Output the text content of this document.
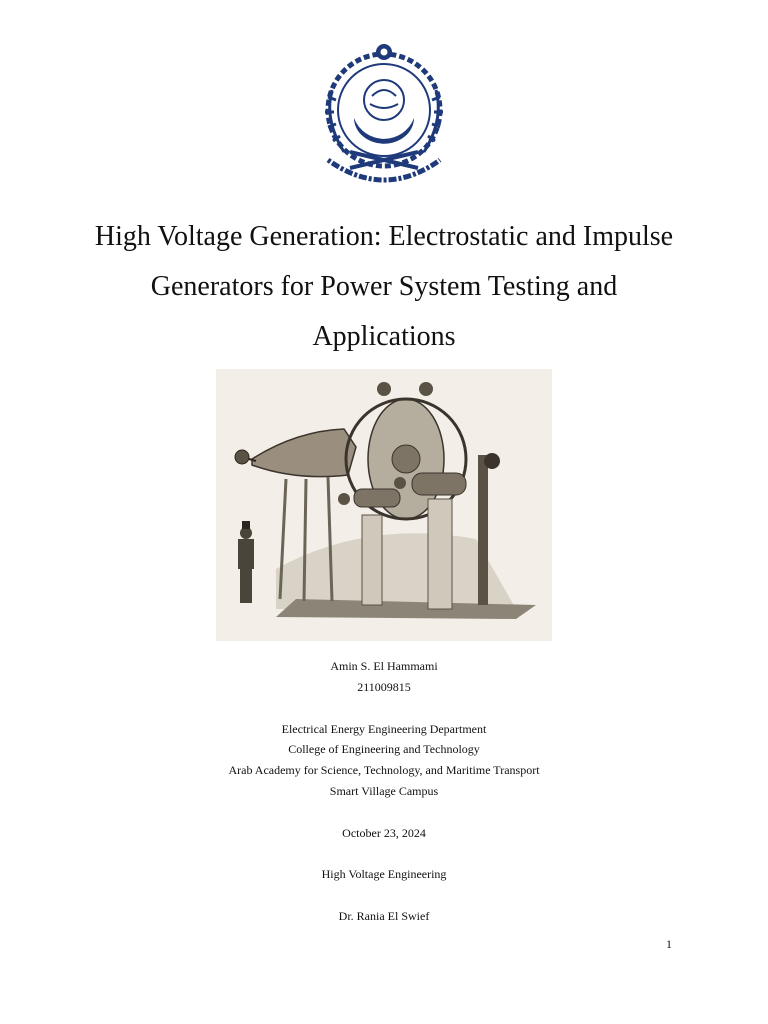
High Voltage Generation: Electrostatic and Impulse
Generators for Power System Testing and
Applications
Amin S. El Hammami
211009815
Electrical Energy Engineering Department
College of Engineering and Technology
Arab Academy for Science, Technology, and Maritime Transport
Smart Village Campus
October 23, 2024
High Voltage Engineering
Dr. Rania El Swief
1
